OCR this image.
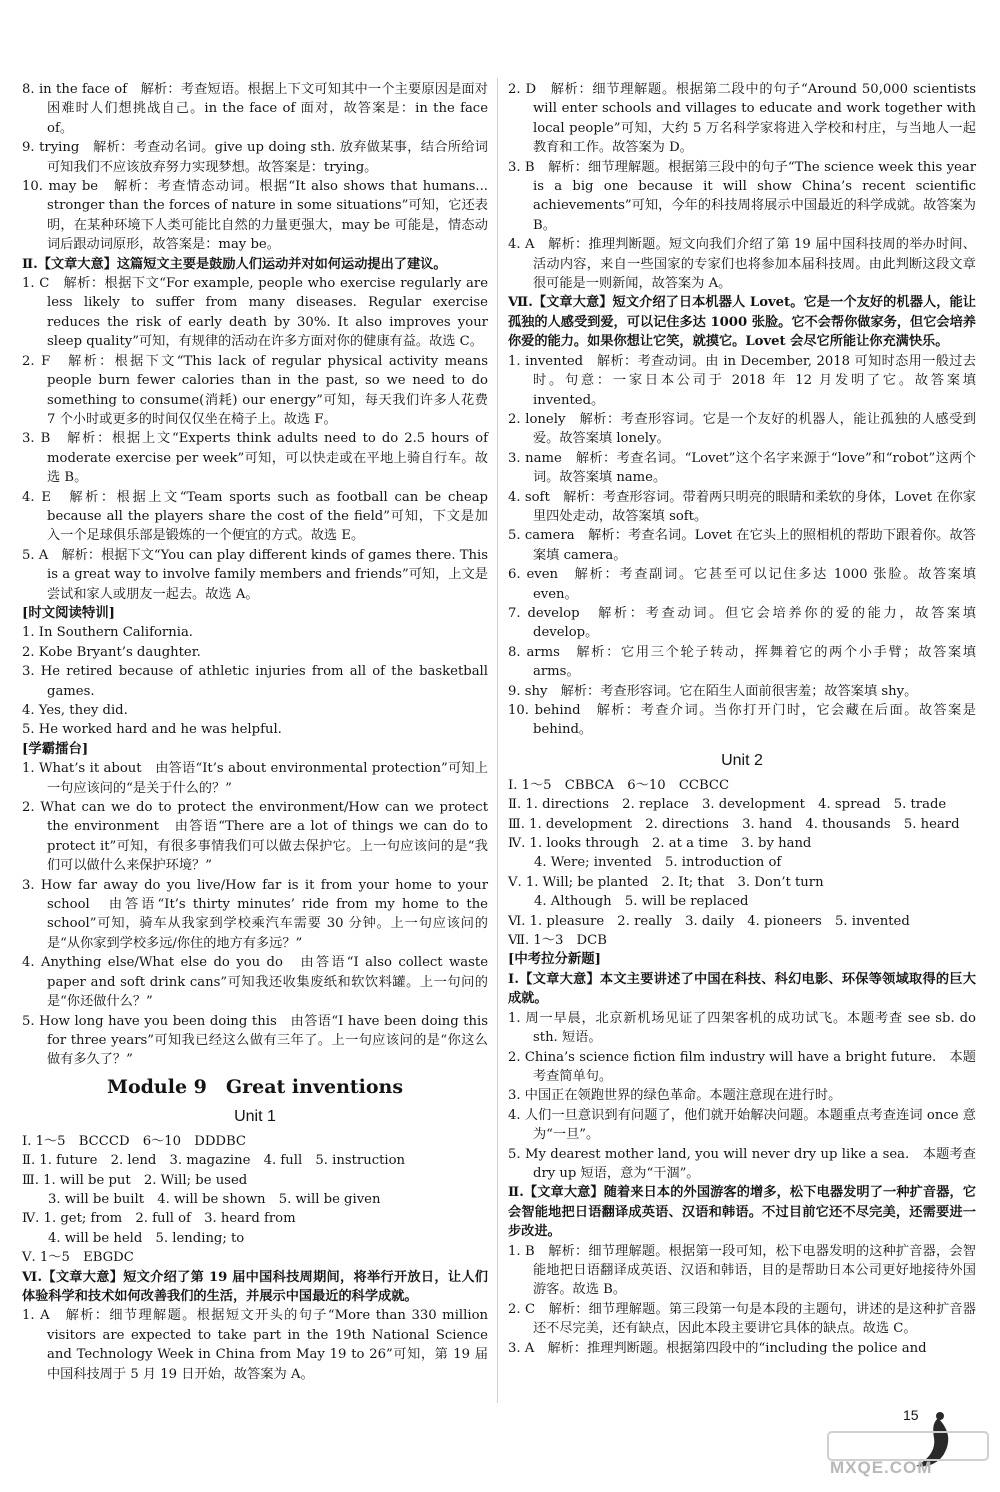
8. in the face of　解析：考查短语。根据上下文可知其中一个主要原因是面对困难时人们想挑战自己。in the face of 面对，故答案是：in the face of。

9. trying　解析：考查动名词。give up doing sth. 放弃做某事，结合所给词可知我们不应该放弃努力实现梦想。故答案是：trying。

10. may be　解析：考查情态动词。根据“It also shows that humans... stronger than the forces of nature in some situations”可知，它还表明，在某种环境下人类可能比自然的力量更强大，may be 可能是，情态动词后跟动词原形，故答案是：may be。

Ⅱ.【文章大意】这篇短文主要是鼓励人们运动并对如何运动提出了建议。

1. C　解析：根据下文“For example, people who exercise regularly are less likely to suffer from many diseases. Regular exercise reduces the risk of early death by 30%. It also improves your sleep quality”可知，有规律的活动在许多方面对你的健康有益。故选 C。

2. F　解析：根据下文“This lack of regular physical activity means people burn fewer calories than in the past, so we need to do something to consume(消耗) our energy”可知，每天我们许多人花费 7 个小时或更多的时间仅仅坐在椅子上。故选 F。

3. B　解析：根据上文“Experts think adults need to do 2.5 hours of moderate exercise per week”可知，可以快走或在平地上骑自行车。故选 B。

4. E　解析：根据上文“Team sports such as football can be cheap because all the players share the cost of the field”可知，下文是加入一个足球俱乐部是锻炼的一个便宜的方式。故选 E。

5. A　解析：根据下文“You can play different kinds of games there. This is a great way to involve family members and friends”可知，上文是尝试和家人或朋友一起去。故选 A。

[时文阅读特训]

1. In Southern California.

2. Kobe Bryant’s daughter.

3. He retired because of athletic injuries from all of the basketball games.

4. Yes, they did.

5. He worked hard and he was helpful.

[学霸擂台]

1. What’s it about　由答语“It’s about environmental protection”可知上一句应该问的“是关于什么的？”

2. What can we do to protect the environment/How can we protect the environment　由答语“There are a lot of things we can do to protect it”可知，有很多事情我们可以做去保护它。上一句应该问的是“我们可以做什么来保护环境？”

3. How far away do you live/How far is it from your home to your school　由答语“It’s thirty minutes’ ride from my home to the school”可知，骑车从我家到学校乘汽车需要 30 分钟。上一句应该问的是“从你家到学校多远/你住的地方有多远？”

4. Anything else/What else do you do　由答语“I also collect waste paper and soft drink cans”可知我还收集废纸和软饮料罐。上一句问的是“你还做什么？”

5. How long have you been doing this　由答语“I have been doing this for three years”可知我已经这么做有三年了。上一句应该问的是“你这么做有多久了？”

Module 9　Great inventions
Unit 1

Ⅰ. 1～5　BCCCD　6～10　DDDBC

Ⅱ. 1. future　2. lend　3. magazine　4. full　5. instruction

Ⅲ. 1. will be put　2. Will; be used

3. will be built　4. will be shown　5. will be given

Ⅳ. 1. get; from　2. full of　3. heard from

4. will be held　5. lending; to

Ⅴ. 1～5　EBGDC

Ⅵ.【文章大意】短文介绍了第 19 届中国科技周期间，将举行开放日，让人们体验科学和技术如何改善我们的生活，并展示中国最近的科学成就。

1. A　解析：细节理解题。根据短文开头的句子“More than 330 million visitors are expected to take part in the 19th National Science and Technology Week in China from May 19 to 26”可知，第 19 届中国科技周于 5 月 19 日开始，故答案为 A。

2. D　解析：细节理解题。根据第二段中的句子“Around 50,000 scientists will enter schools and villages to educate and work together with local people”可知，大约 5 万名科学家将进入学校和村庄，与当地人一起教育和工作。故答案为 D。

3. B　解析：细节理解题。根据第三段中的句子“The science week this year is a big one because it will show China’s recent scientific achievements”可知，今年的科技周将展示中国最近的科学成就。故答案为 B。

4. A　解析：推理判断题。短文向我们介绍了第 19 届中国科技周的举办时间、活动内容，来自一些国家的专家们也将参加本届科技周。由此判断这段文章很可能是一则新闻，故答案为 A。

Ⅶ.【文章大意】短文介绍了日本机器人 Lovet。它是一个友好的机器人，能让孤独的人感受到爱，可以记住多达 1000 张脸。它不会帮你做家务，但它会培养你爱的能力。如果你想让它笑，就摸它。Lovet 会尽它所能让你充满快乐。

1. invented　解析：考查动词。由 in December, 2018 可知时态用一般过去时。句意：一家日本公司于 2018 年 12 月发明了它。故答案填 invented。

2. lonely　解析：考查形容词。它是一个友好的机器人，能让孤独的人感受到爱。故答案填 lonely。

3. name　解析：考查名词。“Lovet”这个名字来源于“love”和“robot”这两个词。故答案填 name。

4. soft　解析：考查形容词。带着两只明亮的眼睛和柔软的身体，Lovet 在你家里四处走动，故答案填 soft。

5. camera　解析：考查名词。Lovet 在它头上的照相机的帮助下跟着你。故答案填 camera。

6. even　解析：考查副词。它甚至可以记住多达 1000 张脸。故答案填 even。

7. develop　解析：考查动词。但它会培养你的爱的能力，故答案填 develop。

8. arms　解析：它用三个轮子转动，挥舞着它的两个小手臂；故答案填 arms。

9. shy　解析：考查形容词。它在陌生人面前很害羞；故答案填 shy。

10. behind　解析：考查介词。当你打开门时，它会藏在后面。故答案是 behind。

Unit 2

Ⅰ. 1～5　CBBCA　6～10　CCBCC

Ⅱ. 1. directions　2. replace　3. development　4. spread　5. trade

Ⅲ. 1. development　2. directions　3. hand　4. thousands　5. heard

Ⅳ. 1. looks through　2. at a time　3. by hand

4. Were; invented　5. introduction of

Ⅴ. 1. Will; be planted　2. It; that　3. Don’t turn

4. Although　5. will be replaced

Ⅵ. 1. pleasure　2. really　3. daily　4. pioneers　5. invented

Ⅶ. 1～3　DCB

[中考拉分新题]

Ⅰ.【文章大意】本文主要讲述了中国在科技、科幻电影、环保等领域取得的巨大成就。

1. 周一早晨，北京新机场见证了四架客机的成功试飞。本题考查 see sb. do sth. 短语。

2. China’s science fiction film industry will have a bright future.　本题考查简单句。

3. 中国正在领跑世界的绿色革命。本题注意现在进行时。

4. 人们一旦意识到有问题了，他们就开始解决问题。本题重点考查连词 once 意为“一旦”。

5. My dearest mother land, you will never dry up like a sea.　本题考查 dry up 短语，意为“干涸”。

Ⅱ.【文章大意】随着来日本的外国游客的增多，松下电器发明了一种扩音器，它会智能地把日语翻译成英语、汉语和韩语。不过目前它还不尽完美，还需要进一步改进。

1. B　解析：细节理解题。根据第一段可知，松下电器发明的这种扩音器，会智能地把日语翻译成英语、汉语和韩语，目的是帮助日本公司更好地接待外国游客。故选 B。

2. C　解析：细节理解题。第三段第一句是本段的主题句，讲述的是这种扩音器还不尽完美，还有缺点，因此本段主要讲它具体的缺点。故选 C。

3. A　解析：推理判断题。根据第四段中的“including the police and

15
MXQE.COM
